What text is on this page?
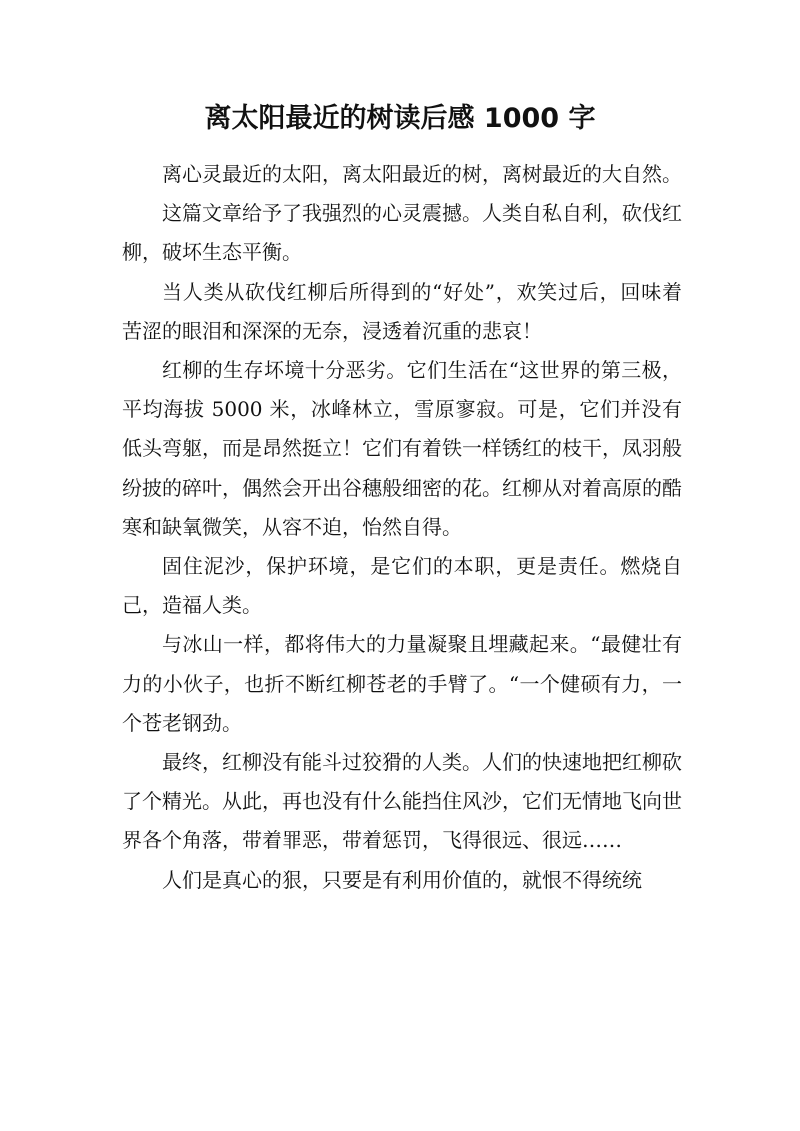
离太阳最近的树读后感 1000 字

离心灵最近的太阳，离太阳最近的树，离树最近的大自然。

这篇文章给予了我强烈的心灵震撼。人类自私自利，砍伐红柳，破坏生态平衡。

当人类从砍伐红柳后所得到的“好处”，欢笑过后，回味着苦涩的眼泪和深深的无奈，浸透着沉重的悲哀！

红柳的生存坏境十分恶劣。它们生活在“这世界的第三极，平均海拔 5000 米，冰峰林立，雪原寥寂。可是，它们并没有低头弯躯，而是昂然挺立！它们有着铁一样锈红的枝干，凤羽般纷披的碎叶，偶然会开出谷穗般细密的花。红柳从对着高原的酷寒和缺氧微笑，从容不迫，怡然自得。

固住泥沙，保护环境，是它们的本职，更是责任。燃烧自己，造福人类。

与冰山一样，都将伟大的力量凝聚且埋藏起来。“最健壮有力的小伙子，也折不断红柳苍老的手臂了。“一个健硕有力，一个苍老钢劲。

最终，红柳没有能斗过狡猾的人类。人们的快速地把红柳砍了个精光。从此，再也没有什么能挡住风沙，它们无情地飞向世界各个角落，带着罪恶，带着惩罚，飞得很远、很远……

人们是真心的狠，只要是有利用价值的，就恨不得统统
